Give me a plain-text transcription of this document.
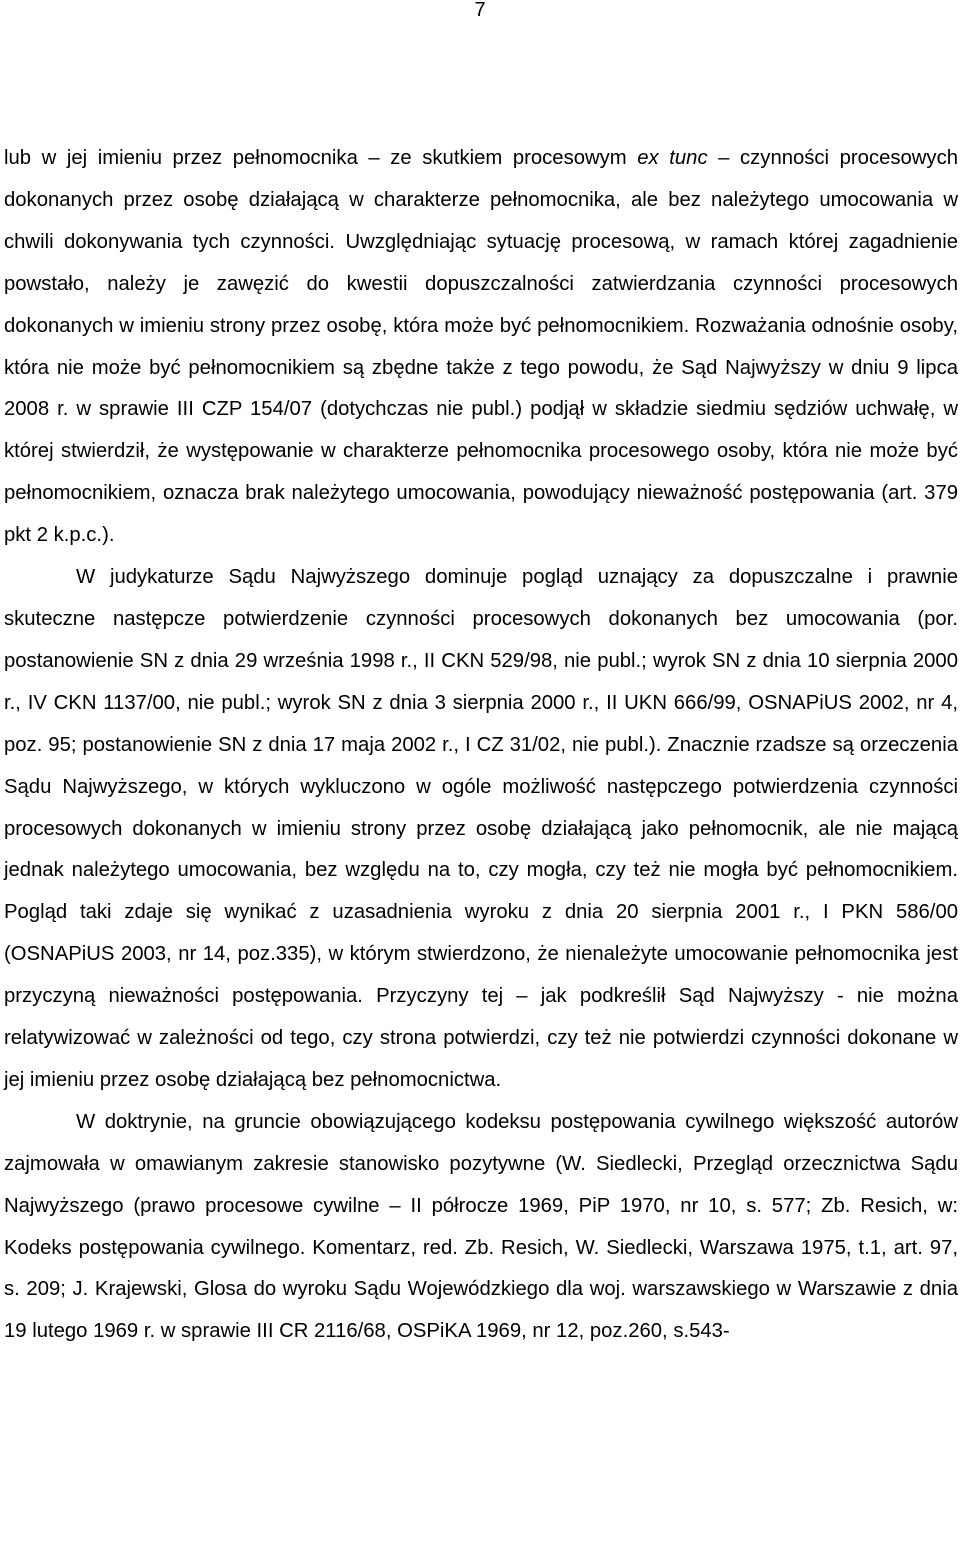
7

lub w jej imieniu przez pełnomocnika – ze skutkiem procesowym ex tunc – czynności procesowych dokonanych przez osobę działającą w charakterze pełnomocnika, ale bez należytego umocowania w chwili dokonywania tych czynności. Uwzględniając sytuację procesową, w ramach której zagadnienie powstało, należy je zawęzić do kwestii dopuszczalności zatwierdzania czynności procesowych dokonanych w imieniu strony przez osobę, która może być pełnomocnikiem. Rozważania odnośnie osoby, która nie może być pełnomocnikiem są zbędne także z tego powodu, że Sąd Najwyższy w dniu 9 lipca 2008 r. w sprawie III CZP 154/07 (dotychczas nie publ.) podjął w składzie siedmiu sędziów uchwałę, w której stwierdził, że występowanie w charakterze pełnomocnika procesowego osoby, która nie może być pełnomocnikiem, oznacza brak należytego umocowania, powodujący nieważność postępowania (art. 379 pkt 2 k.p.c.).

W judykaturze Sądu Najwyższego dominuje pogląd uznający za dopuszczalne i prawnie skuteczne następcze potwierdzenie czynności procesowych dokonanych bez umocowania (por. postanowienie SN z dnia 29 września 1998 r., II CKN 529/98, nie publ.; wyrok SN z dnia 10 sierpnia 2000 r., IV CKN 1137/00, nie publ.; wyrok SN z dnia 3 sierpnia 2000 r., II UKN 666/99, OSNAPiUS 2002, nr 4, poz. 95; postanowienie SN z dnia 17 maja 2002 r., I CZ 31/02, nie publ.). Znacznie rzadsze są orzeczenia Sądu Najwyższego, w których wykluczono w ogóle możliwość następczego potwierdzenia czynności procesowych dokonanych w imieniu strony przez osobę działającą jako pełnomocnik, ale nie mającą jednak należytego umocowania, bez względu na to, czy mogła, czy też nie mogła być pełnomocnikiem. Pogląd taki zdaje się wynikać z uzasadnienia wyroku z dnia 20 sierpnia 2001 r., I PKN 586/00 (OSNAPiUS 2003, nr 14, poz.335), w którym stwierdzono, że nienależyte umocowanie pełnomocnika jest przyczyną nieważności postępowania. Przyczyny tej – jak podkreślił Sąd Najwyższy - nie można relatywizować w zależności od tego, czy strona potwierdzi, czy też nie potwierdzi czynności dokonane w jej imieniu przez osobę działającą bez pełnomocnictwa.

W doktrynie, na gruncie obowiązującego kodeksu postępowania cywilnego większość autorów zajmowała w omawianym zakresie stanowisko pozytywne (W. Siedlecki, Przegląd orzecznictwa Sądu Najwyższego (prawo procesowe cywilne – II półrocze 1969, PiP 1970, nr 10, s. 577; Zb. Resich, w: Kodeks postępowania cywilnego. Komentarz, red. Zb. Resich, W. Siedlecki, Warszawa 1975, t.1, art. 97, s. 209; J. Krajewski, Glosa do wyroku Sądu Wojewódzkiego dla woj. warszawskiego w Warszawie z dnia 19 lutego 1969 r. w sprawie III CR 2116/68, OSPiKA 1969, nr 12, poz.260, s.543-
